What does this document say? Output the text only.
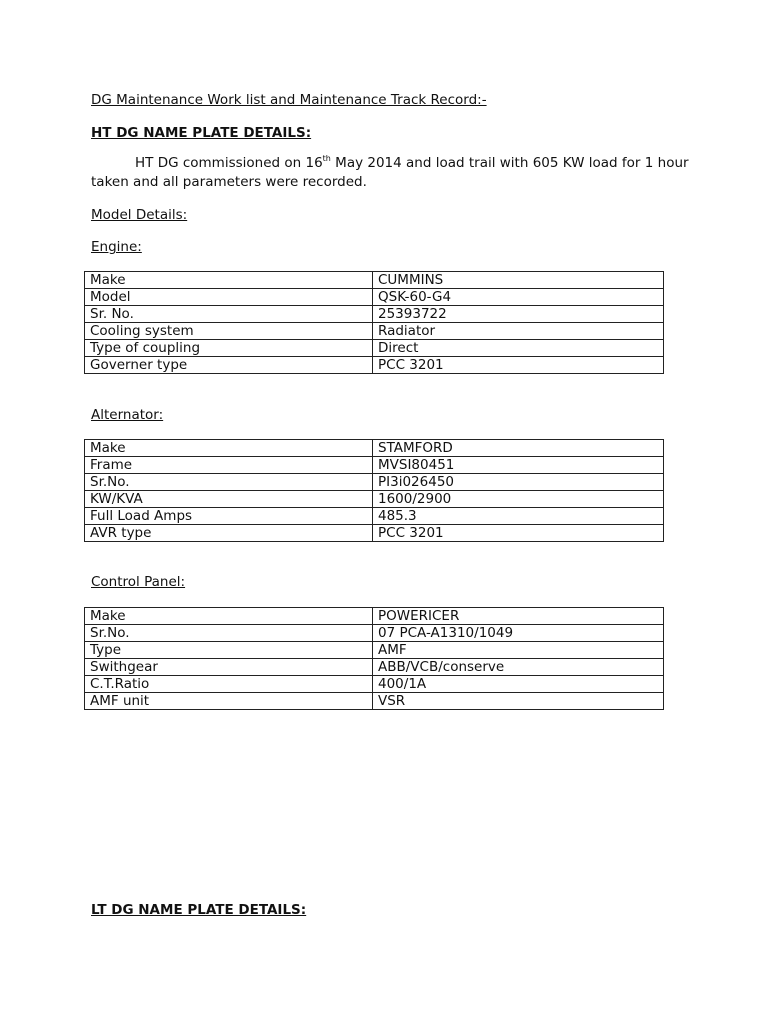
DG Maintenance Work list and Maintenance Track Record:-
HT DG NAME PLATE DETAILS:
HT DG commissioned on 16th May 2014 and load trail with 605 KW load for 1 hour taken and all parameters were recorded.
Model Details:
Engine:
Make	CUMMINS
Model	QSK-60-G4
Sr. No.	25393722
Cooling system	Radiator
Type of coupling	Direct
Governer type	PCC 3201
Alternator:
Make	STAMFORD
Frame	MVSI80451
Sr.No.	PI3i026450
KW/KVA	1600/2900
Full Load Amps	485.3
AVR type	PCC 3201
Control Panel:
Make	POWERICER
Sr.No.	07 PCA-A1310/1049
Type	AMF
Swithgear	ABB/VCB/conserve
C.T.Ratio	400/1A
AMF unit	VSR
LT DG NAME PLATE DETAILS:
